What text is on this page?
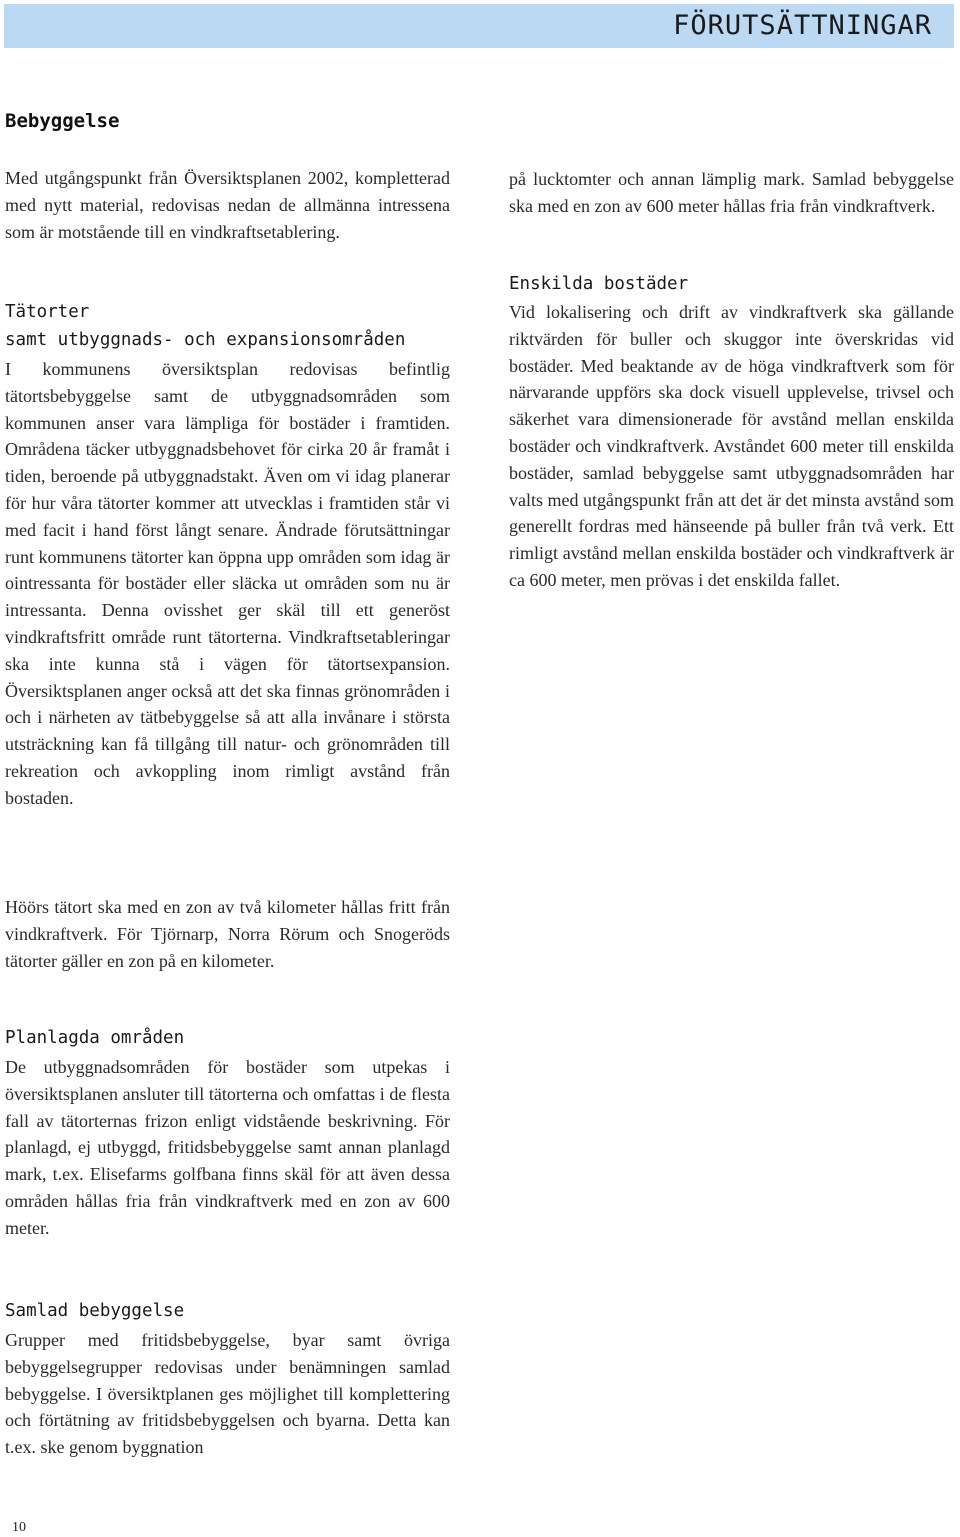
FÖRUTSÄTTNINGAR
Bebyggelse

Med utgångspunkt från Översiktsplanen 2002, kompletterad med nytt material, redovisas nedan de allmänna intressena som är motstående till en vindkraftsetablering.

Tätorter
samt utbyggnads- och expansionsområden

I kommunens översiktsplan redovisas befintlig tätortsbebyggelse samt de utbyggnadsområden som kommunen anser vara lämpliga för bostäder i framtiden. Områdena täcker utbyggnadsbehovet för cirka 20 år framåt i tiden, beroende på utbyggnadstakt. Även om vi idag planerar för hur våra tätorter kommer att utvecklas i framtiden står vi med facit i hand först långt senare. Ändrade förutsättningar runt kommunens tätorter kan öppna upp områden som idag är ointressanta för bostäder eller släcka ut områden som nu är intressanta. Denna ovisshet ger skäl till ett generöst vindkraftsfritt område runt tätorterna. Vindkraftsetableringar ska inte kunna stå i vägen för tätortsexpansion. Översiktsplanen anger också att det ska finnas grönområden i och i närheten av tätbebyggelse så att alla invånare i största utsträckning kan få tillgång till natur- och grönområden till rekreation och avkoppling inom rimligt avstånd från bostaden.

Höörs tätort ska med en zon av två kilometer hållas fritt från vindkraftverk. För Tjörnarp, Norra Rörum och Snogeröds tätorter gäller en zon på en kilometer.

Planlagda områden

De utbyggnadsområden för bostäder som utpekas i översiktsplanen ansluter till tätorterna och omfattas i de flesta fall av tätorternas frizon enligt vidstående beskrivning. För planlagd, ej utbyggd, fritidsbebyggelse samt annan planlagd mark, t.ex. Elisefarms golfbana finns skäl för att även dessa områden hållas fria från vindkraftverk med en zon av 600 meter.

Samlad bebyggelse

Grupper med fritidsbebyggelse, byar samt övriga bebyggelsegrupper redovisas under benämningen samlad bebyggelse. I översiktplanen ges möjlighet till komplettering och förtätning av fritidsbebyggelsen och byarna. Detta kan t.ex. ske genom byggnation

på lucktomter och annan lämplig mark. Samlad bebyggelse ska med en zon av 600 meter hållas fria från vindkraftverk.

Enskilda bostäder

Vid lokalisering och drift av vindkraftverk ska gällande riktvärden för buller och skuggor inte överskridas vid bostäder. Med beaktande av de höga vindkraftverk som för närvarande uppförs ska dock visuell upplevelse, trivsel och säkerhet vara dimensionerade för avstånd mellan enskilda bostäder och vindkraftverk. Avståndet 600 meter till enskilda bostäder, samlad bebyggelse samt utbyggnadsområden har valts med utgångspunkt från att det är det minsta avstånd som generellt fordras med hänseende på buller från två verk. Ett rimligt avstånd mellan enskilda bostäder och vindkraftverk är ca 600 meter, men prövas i det enskilda fallet.

10
